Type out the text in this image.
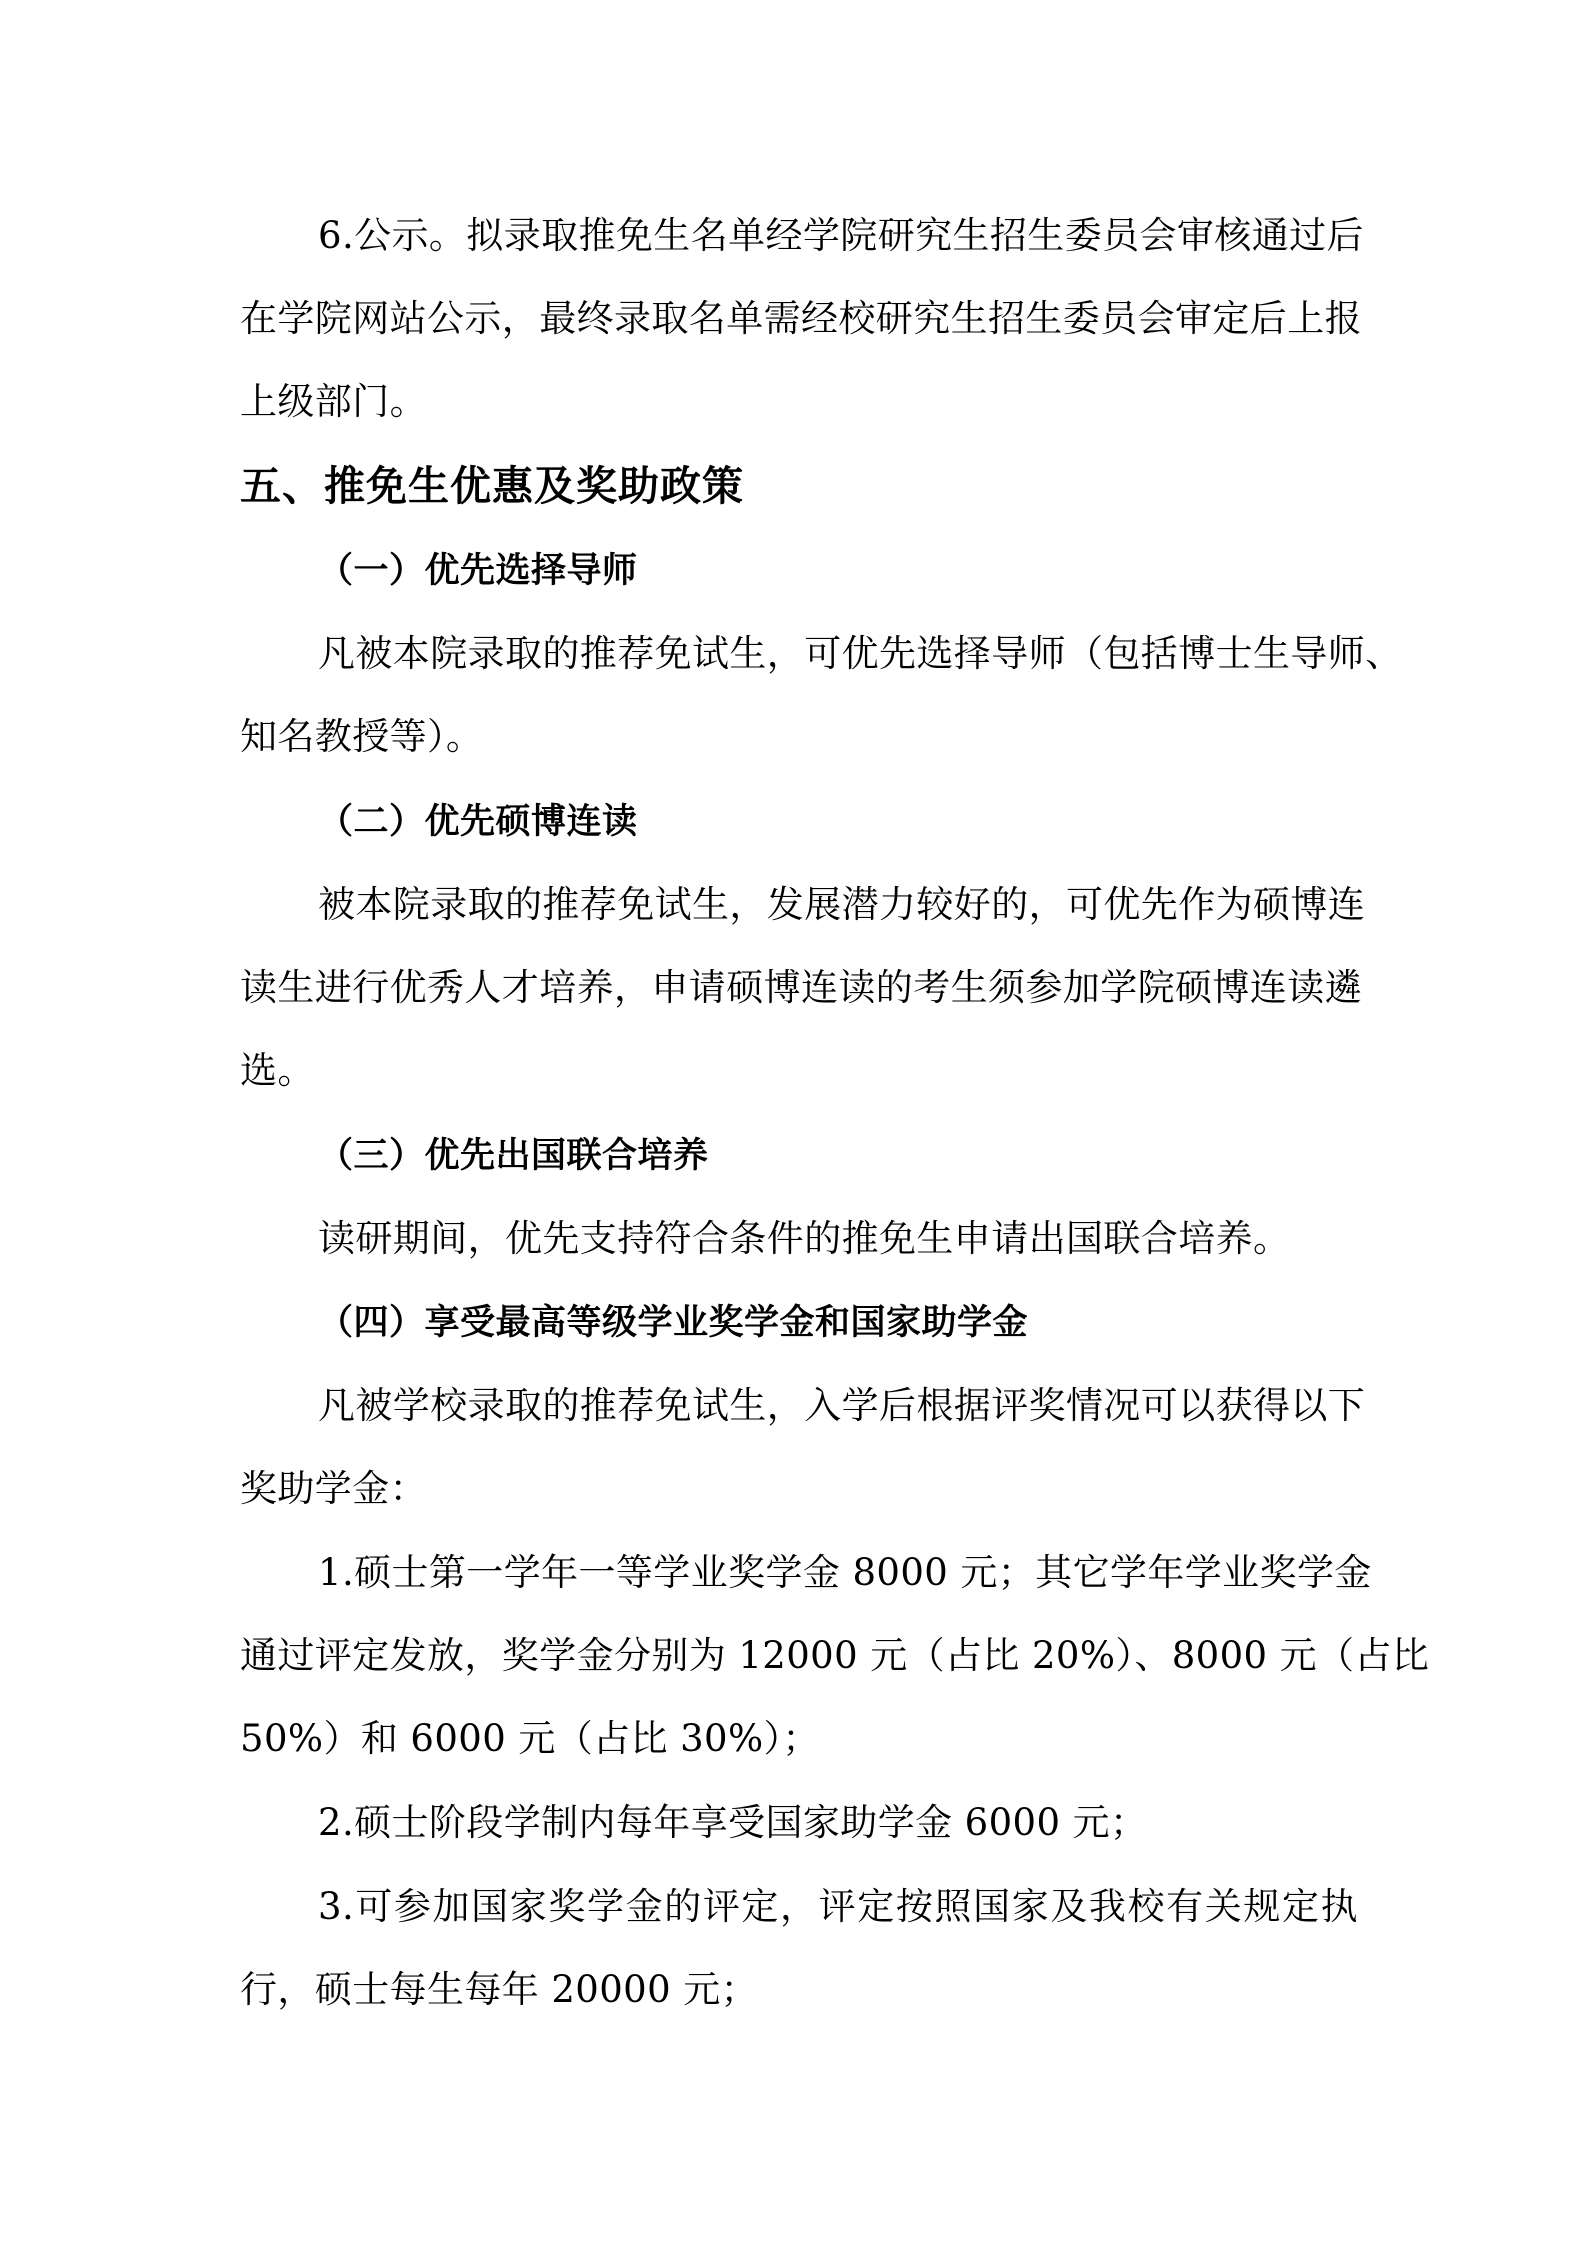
6.公示。拟录取推免生名单经学院研究生招生委员会审核通过后
在学院网站公示，最终录取名单需经校研究生招生委员会审定后上报
上级部门。
五、推免生优惠及奖助政策
（一）优先选择导师
凡被本院录取的推荐免试生，可优先选择导师（包括博士生导师、
知名教授等）。
（二）优先硕博连读
被本院录取的推荐免试生，发展潜力较好的，可优先作为硕博连
读生进行优秀人才培养，申请硕博连读的考生须参加学院硕博连读遴
选。
（三）优先出国联合培养
读研期间，优先支持符合条件的推免生申请出国联合培养。
（四）享受最高等级学业奖学金和国家助学金
凡被学校录取的推荐免试生，入学后根据评奖情况可以获得以下
奖助学金：
1.硕士第一学年一等学业奖学金 8000 元；其它学年学业奖学金
通过评定发放，奖学金分别为 12000 元（占比 20%）、8000 元（占比
50%）和 6000 元（占比 30%）；
2.硕士阶段学制内每年享受国家助学金 6000 元；
3.可参加国家奖学金的评定，评定按照国家及我校有关规定执
行，硕士每生每年 20000 元；
